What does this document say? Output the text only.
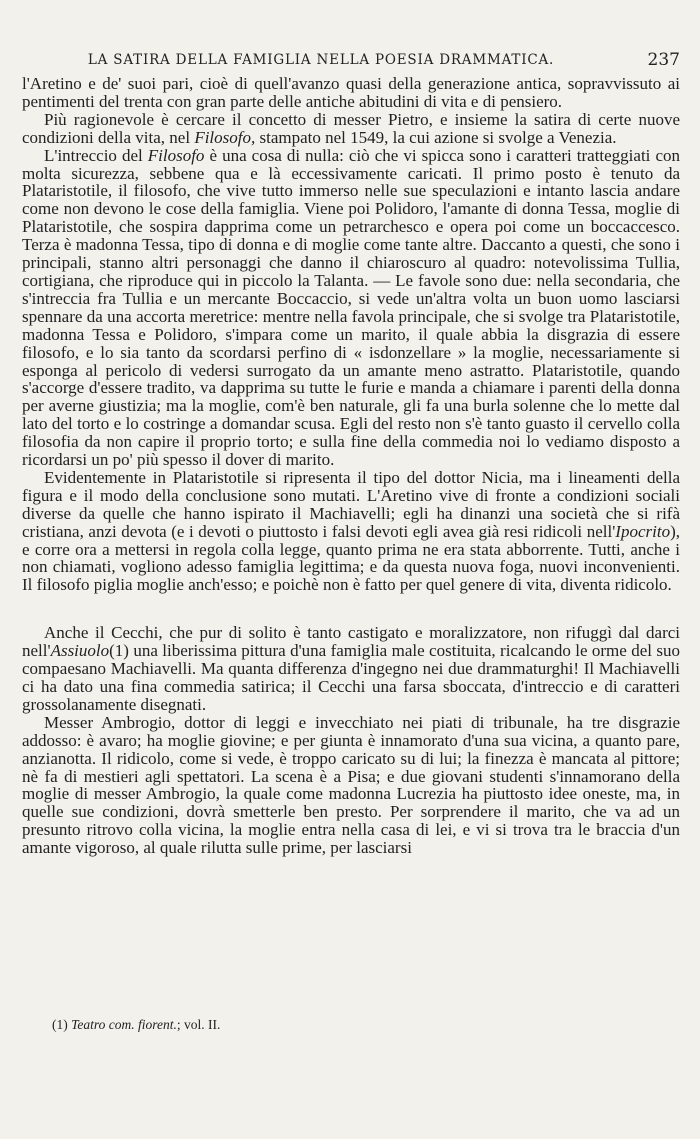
LA SATIRA DELLA FAMIGLIA NELLA POESIA DRAMMATICA.	237

l'Aretino e de' suoi pari, cioè di quell'avanzo quasi della generazione antica, sopravvissuto ai pentimenti del trenta con gran parte delle antiche abitudini di vita e di pensiero.

Più ragionevole è cercare il concetto di messer Pietro, e insieme la satira di certe nuove condizioni della vita, nel Filosofo, stampato nel 1549, la cui azione si svolge a Venezia.

L'intreccio del Filosofo è una cosa di nulla: ciò che vi spicca sono i caratteri tratteggiati con molta sicurezza, sebbene qua e là eccessivamente caricati. Il primo posto è tenuto da Plataristotile, il filosofo, che vive tutto immerso nelle sue speculazioni e intanto lascia andare come non devono le cose della famiglia. Viene poi Polidoro, l'amante di donna Tessa, moglie di Plataristotile, che sospira dapprima come un petrarchesco e opera poi come un boccaccesco. Terza è madonna Tessa, tipo di donna e di moglie come tante altre. Daccanto a questi, che sono i principali, stanno altri personaggi che danno il chiaroscuro al quadro: notevolissima Tullia, cortigiana, che riproduce qui in piccolo la Talanta. — Le favole sono due: nella secondaria, che s'intreccia fra Tullia e un mercante Boccaccio, si vede un'altra volta un buon uomo lasciarsi spennare da una accorta meretrice: mentre nella favola principale, che si svolge tra Plataristotile, madonna Tessa e Polidoro, s'impara come un marito, il quale abbia la disgrazia di essere filosofo, e lo sia tanto da scordarsi perfino di « isdonzellare » la moglie, necessariamente si esponga al pericolo di vedersi surrogato da un amante meno astratto. Plataristotile, quando s'accorge d'essere tradito, va dapprima su tutte le furie e manda a chiamare i parenti della donna per averne giustizia; ma la moglie, com'è ben naturale, gli fa una burla solenne che lo mette dal lato del torto e lo costringe a domandar scusa. Egli del resto non s'è tanto guasto il cervello colla filosofia da non capire il proprio torto; e sulla fine della commedia noi lo vediamo disposto a ricordarsi un po' più spesso il dover di marito.

Evidentemente in Plataristotile si ripresenta il tipo del dottor Nicia, ma i lineamenti della figura e il modo della conclusione sono mutati. L'Aretino vive di fronte a condizioni sociali diverse da quelle che hanno ispirato il Machiavelli; egli ha dinanzi una società che si rifà cristiana, anzi devota (e i devoti o piuttosto i falsi devoti egli avea già resi ridicoli nell'Ipocrito), e corre ora a mettersi in regola colla legge, quanto prima ne era stata abborrente. Tutti, anche i non chiamati, vogliono adesso famiglia legittima; e da questa nuova foga, nuovi inconvenienti. Il filosofo piglia moglie anch'esso; e poichè non è fatto per quel genere di vita, diventa ridicolo.

Anche il Cecchi, che pur di solito è tanto castigato e moralizzatore, non rifuggì dal darci nell'Assiuolo(1) una liberissima pittura d'una famiglia male costituita, ricalcando le orme del suo compaesano Machiavelli. Ma quanta differenza d'ingegno nei due drammaturghi! Il Machiavelli ci ha dato una fina commedia satirica; il Cecchi una farsa sboccata, d'intreccio e di caratteri grossolanamente disegnati.

Messer Ambrogio, dottor di leggi e invecchiato nei piati di tribunale, ha tre disgrazie addosso: è avaro; ha moglie giovine; e per giunta è innamorato d'una sua vicina, a quanto pare, anzianotta. Il ridicolo, come si vede, è troppo caricato su di lui; la finezza è mancata al pittore; nè fa di mestieri agli spettatori. La scena è a Pisa; e due giovani studenti s'innamorano della moglie di messer Ambrogio, la quale come madonna Lucrezia ha piuttosto idee oneste, ma, in quelle sue condizioni, dovrà smetterle ben presto. Per sorprendere il marito, che va ad un presunto ritrovo colla vicina, la moglie entra nella casa di lei, e vi si trova tra le braccia d'un amante vigoroso, al quale rilutta sulle prime, per lasciarsi

(1) Teatro com. fiorent.; vol. II.
